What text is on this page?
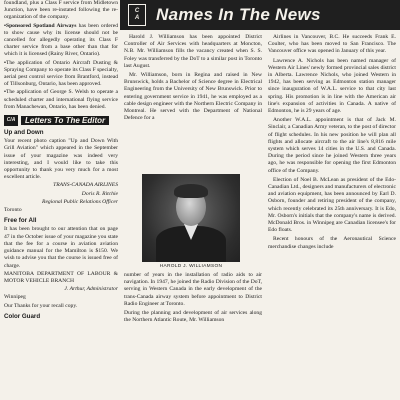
foundland, plus a Class F service from Midletown Junction, have been re-instated following the re-organization of the company.

•Sponsored Spotland Airways has been ordered to show cause why its license should not be cancelled for allegedly operating its Class F charter service from a base other than that for which it is licensed (Rainy River, Ontario).

•The application of Ontario Aircraft Dusting & Spraying Company to operate its Class F specialty, aerial pest control service from Brantford, instead of Tillsonburg, Ontario, has been approved.

•The application of George S. Welsh to operate a scheduled charter and international flying service from Manachewan, Ontario, has been denied.

C/A	Letters To The Editor
Up and Down

Your recent photo caption "Up and Down With Grill Aviation" which appeared in the September issue of your magazine was indeed very interesting, and I would like to take this opportunity to thank you very much for a most excellent article.

TRANS-CANADA AIRLINES

Doris R. Ritchie

Regional Public Relations Officer

Toronto

Free for All

It has been brought to our attention that on page 47 in the October issue of your magazine you state that the fee for a course in aviation aviation guidance manual for the Mamilton is $150. We wish to advise you that the course is issued free of charge.

MANITOBA DEPARTMENT OF LABOUR & MOTOR VEHICLE BRANCH

J. Arthur, Administrator

Winnipeg

Our Thanks for your recall copy.

Color Guard
C
A Names In The News

Harold J. Williamson has been appointed District Controller of Air Services with headquarters at Moncton, N.B. Mr. Williamson fills the vacancy created when S. S. Foley was transferred by the DoT to a similar post in Toronto last August.

Mr. Williamson, born in Regina and raised in New Brunswick, holds a Bachelor of Science degree in Electrical Engineering from the University of New Brunswick. Prior to entering government service in 1941, he was employed as a cable design engineer with the Northern Electric Company in Montreal. He served with the Department of National Defence for a

HAROLD J. WILLIAMSON

number of years in the installation of radio aids to air navigation. In 1947, he joined the Radio Division of the DoT, serving in Western Canada in the early development of the trans-Canada airway system before appointment to District Radio Engineer at Toronto.

During the planning and development of air services along the Northern Atlantic Route, Mr. Williamson

Airlines in Vancouver, B.C. He succeeds Frank E. Coulter, who has been moved to San Francisco. The Vancouver office was opened in January of this year.

Lawrence A. Nichols has been named manager of Western Air Lines' newly formed provincial sales district in Alberta. Lawrence Nichols, who joined Western in 1942, has been serving as Edmonton station manager since inauguration of W.A.L. service to that city last spring. His promotion is in line with the American air line's expansion of activities in Canada. A native of Edmonton, he is 29 years of age.

Another W.A.L. appointment is that of Jack M. Sinclair, a Canadian Army veteran, to the post of director of flight schedules. In his new position he will plan all flights and allocate aircraft to the air line's 8,816 mile system which serves 14 cities in the U.S. and Canada. During the period since he joined Western three years ago, he was responsible for opening the first Edmonton office of the Company.

Election of Noel B. McLean as president of the Edo-Canadian Ltd., designers and manufacturers of electronic and aviation equipment, has been announced by Earl D. Osborn, founder and retiring president of the company, which recently celebrated its 25th anniversary. It is Edo, Mr. Osborn's initials that the company's name is derived. McDonald Bros. in Winnipeg are Canadian licensee's for Edo floats.

Recent honours of the Aeronautical Science merchandise changes include
